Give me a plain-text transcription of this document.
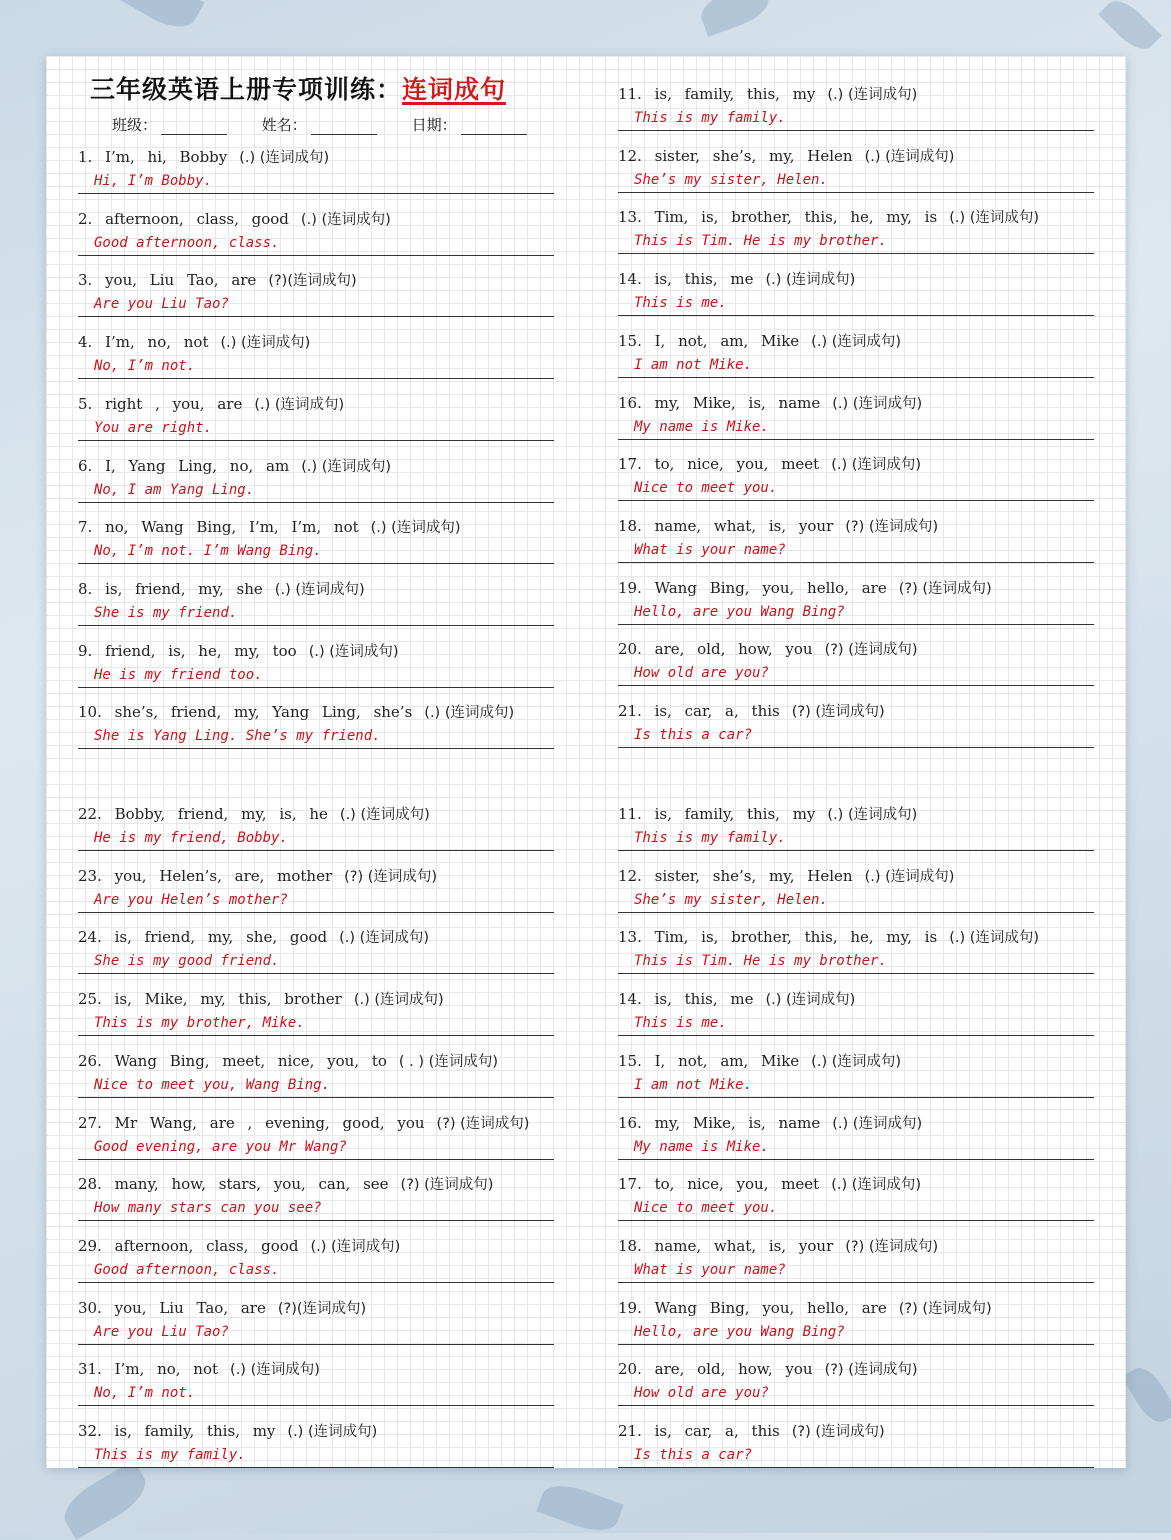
三年级英语上册专项训练：连词成句
班级：	姓名：	日期：
1. I’m, hi, Bobby (.) (连词成句)
Hi, I’m Bobby.
2. afternoon, class, good (.) (连词成句)
Good afternoon, class.
3. you, Liu Tao, are (?)(连词成句)
Are you Liu Tao?
4. I’m, no, not (.) (连词成句)
No, I’m not.
5. right , you, are (.) (连词成句)
You are right.
6. I, Yang Ling, no, am (.) (连词成句)
No, I am Yang Ling.
7. no, Wang Bing, I’m, I’m, not (.) (连词成句)
No, I’m not. I’m Wang Bing.
8. is, friend, my, she (.) (连词成句)
She is my friend.
9. friend, is, he, my, too (.) (连词成句)
He is my friend too.
10. she’s, friend, my, Yang Ling, she’s (.) (连词成句)
She is Yang Ling. She’s my friend.
11. is, family, this, my (.) (连词成句)
This is my family.
12. sister, she’s, my, Helen (.) (连词成句)
She’s my sister, Helen.
13. Tim, is, brother, this, he, my, is (.) (连词成句)
This is Tim. He is my brother.
14. is, this, me (.) (连词成句)
This is me.
15. I, not, am, Mike (.) (连词成句)
I am not Mike.
16. my, Mike, is, name (.) (连词成句)
My name is Mike.
17. to, nice, you, meet (.) (连词成句)
Nice to meet you.
18. name, what, is, your (?) (连词成句)
What is your name?
19. Wang Bing, you, hello, are (?) (连词成句)
Hello, are you Wang Bing?
20. are, old, how, you (?) (连词成句)
How old are you?
21. is, car, a, this (?) (连词成句)
Is this a car?
22. Bobby, friend, my, is, he (.) (连词成句)
He is my friend, Bobby.
23. you, Helen’s, are, mother (?) (连词成句)
Are you Helen’s mother?
24. is, friend, my, she, good (.) (连词成句)
She is my good friend.
25. is, Mike, my, this, brother (.) (连词成句)
This is my brother, Mike.
26. Wang Bing, meet, nice, you, to ( . ) (连词成句)
Nice to meet you, Wang Bing.
27. Mr Wang, are , evening, good, you (?) (连词成句)
Good evening, are you Mr Wang?
28. many, how, stars, you, can, see (?) (连词成句)
How many stars can you see?
29. afternoon, class, good (.) (连词成句)
Good afternoon, class.
30. you, Liu Tao, are (?)(连词成句)
Are you Liu Tao?
31. I’m, no, not (.) (连词成句)
No, I’m not.
32. is, family, this, my (.) (连词成句)
This is my family.
11. is, family, this, my (.) (连词成句)
This is my family.
12. sister, she’s, my, Helen (.) (连词成句)
She’s my sister, Helen.
13. Tim, is, brother, this, he, my, is (.) (连词成句)
This is Tim. He is my brother.
14. is, this, me (.) (连词成句)
This is me.
15. I, not, am, Mike (.) (连词成句)
I am not Mike.
16. my, Mike, is, name (.) (连词成句)
My name is Mike.
17. to, nice, you, meet (.) (连词成句)
Nice to meet you.
18. name, what, is, your (?) (连词成句)
What is your name?
19. Wang Bing, you, hello, are (?) (连词成句)
Hello, are you Wang Bing?
20. are, old, how, you (?) (连词成句)
How old are you?
21. is, car, a, this (?) (连词成句)
Is this a car?
